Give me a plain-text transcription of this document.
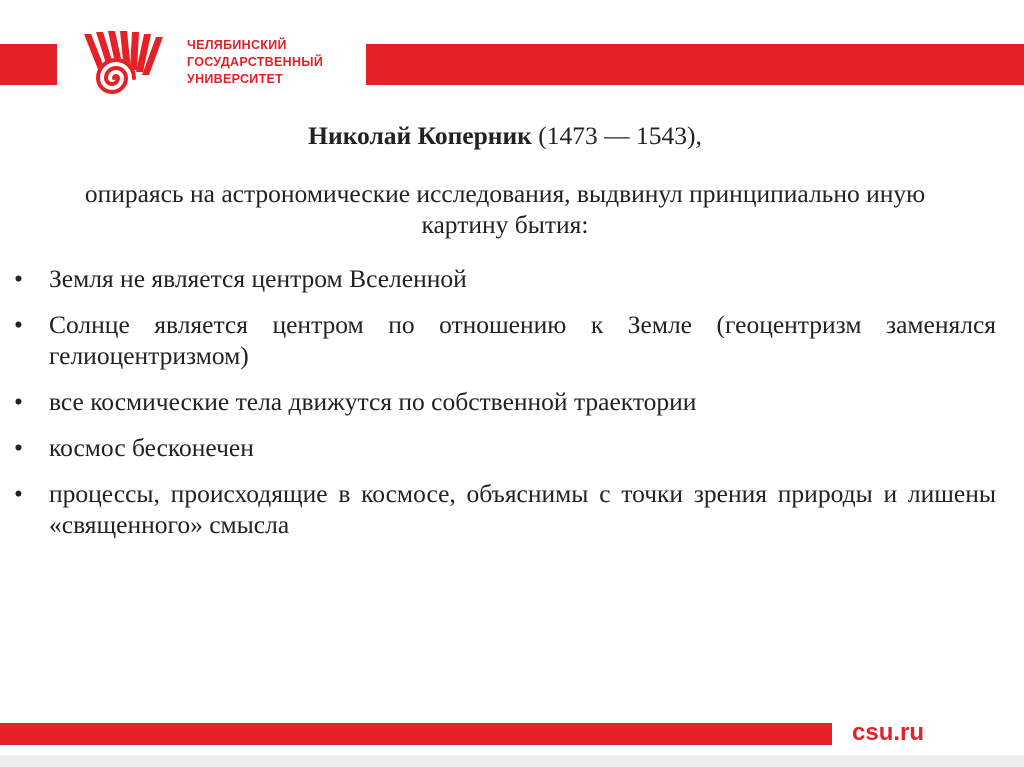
ЧЕЛЯБИНСКИЙ
ГОСУДАРСТВЕННЫЙ
УНИВЕРСИТЕТ

Николай Коперник (1473 — 1543),

опираясь на астрономические исследования, выдвинул принципиально иную картину бытия:

• Земля не является центром Вселенной
• Солнце является центром по отношению к Земле (геоцентризм заменялся гелиоцентризмом)
• все космические тела движутся по собственной траектории
• космос бесконечен
• процессы, происходящие в космосе, объяснимы с точки зрения природы и лишены «священного» смысла
csu.ru
